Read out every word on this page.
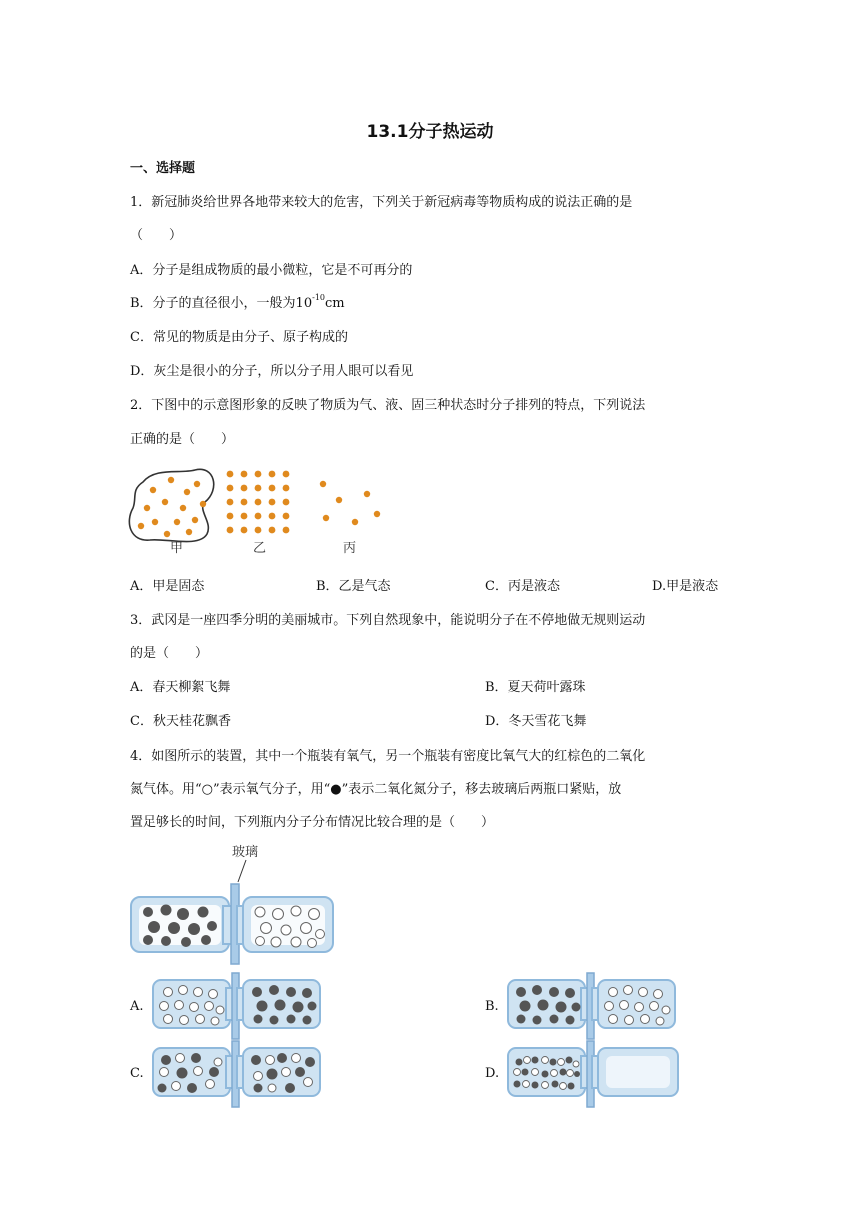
13.1分子热运动
一、选择题
1．新冠肺炎给世界各地带来较大的危害，下列关于新冠病毒等物质构成的说法正确的是
（　　）
A．分子是组成物质的最小微粒，它是不可再分的
B．分子的直径很小，一般为$10^{-10}cm$
C．常见的物质是由分子、原子构成的
D．灰尘是很小的分子，所以分子用人眼可以看见
2．下图中的示意图形象的反映了物质为气、液、固三种状态时分子排列的特点，下列说法
正确的是（　　）
甲	乙	丙
A．甲是固态	B．乙是气态	C．丙是液态	D.甲是液态
3．武冈是一座四季分明的美丽城市。下列自然现象中，能说明分子在不停地做无规则运动
的是（　　）
A．春天柳絮飞舞	B．夏天荷叶露珠
C．秋天桂花飘香	D．冬天雪花飞舞
4．如图所示的装置，其中一个瓶装有氧气，另一个瓶装有密度比氧气大的红棕色的二氧化
氮气体。用“○”表示氧气分子，用“●”表示二氧化氮分子，移去玻璃后两瓶口紧贴，放
置足够长的时间，下列瓶内分子分布情况比较合理的是（　　）
玻璃
A.	B.
C.	D.
